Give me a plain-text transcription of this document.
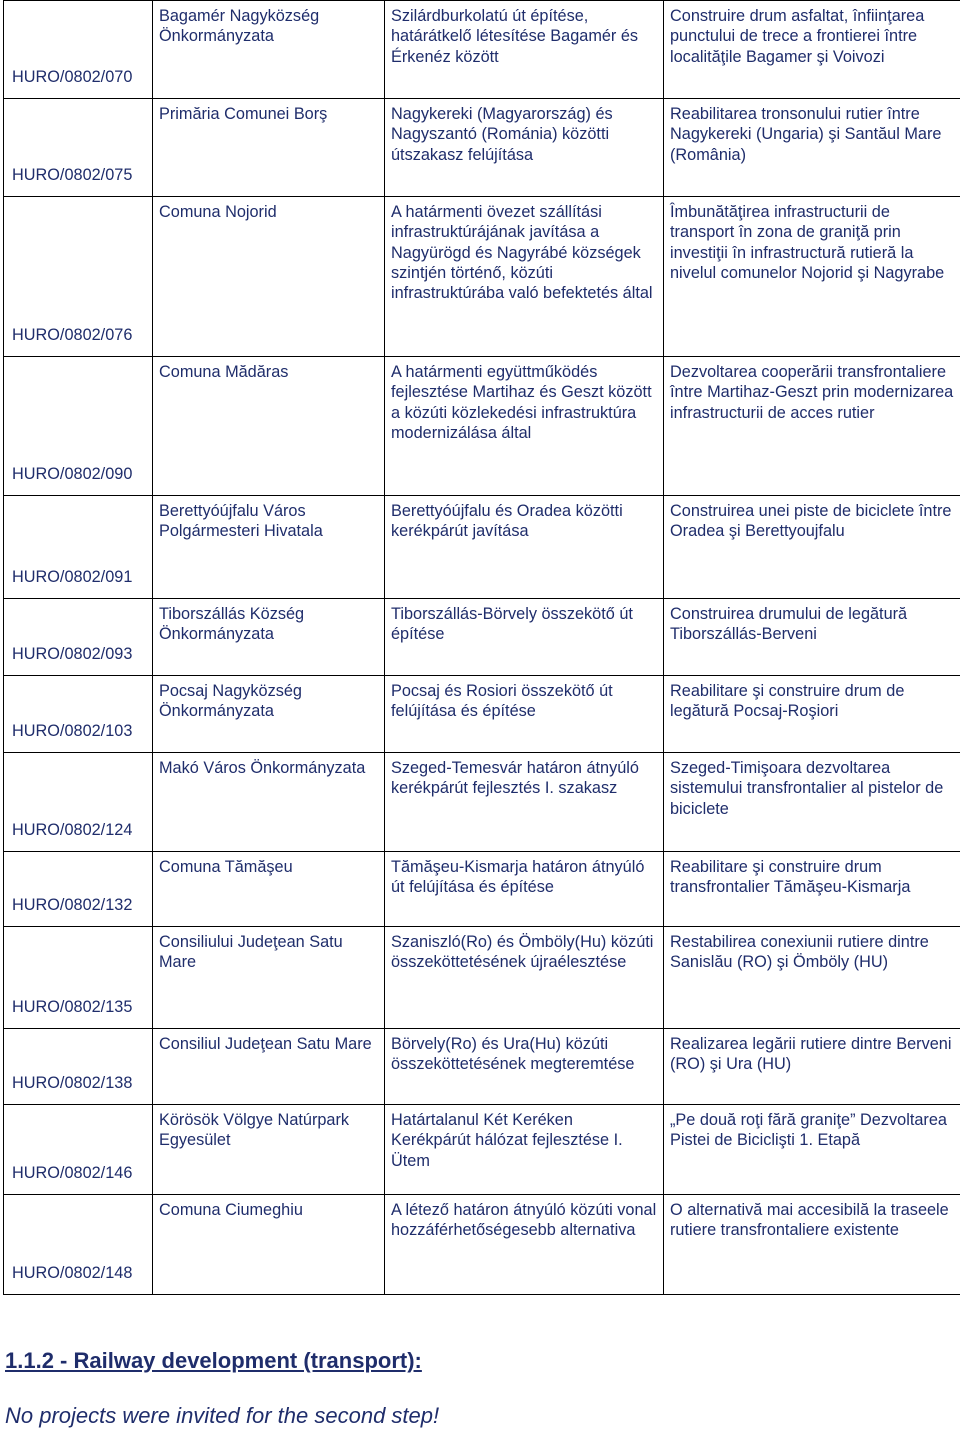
HURO/0802/070	Bagamér Nagyközség Önkormányzata	Szilárdburkolatú út építése, határátkelő létesítése Bagamér és Érkenéz között	Construire drum asfaltat, înfiinţarea punctului de trece a frontierei între localităţile Bagamer şi Voivozi
HURO/0802/075	Primăria Comunei Borş	Nagykereki (Magyarország) és Nagyszantó (Románia) közötti útszakasz felújítása	Reabilitarea tronsonului rutier între Nagykereki (Ungaria) şi Santăul Mare (România)
HURO/0802/076	Comuna Nojorid	A határmenti övezet szállítási infrastruktúrájának javítása a Nagyürögd és Nagyrábé községek szintjén történő, közúti infrastruktúrába való befektetés által	Îmbunătăţirea infrastructurii de transport în zona de graniţă prin investiţii în infrastructură rutieră la nivelul comunelor Nojorid şi Nagyrabe
HURO/0802/090	Comuna Mădăras	A határmenti együttműködés fejlesztése Martihaz és Geszt között a közúti közlekedési infrastruktúra modernizálása által	Dezvoltarea cooperării transfrontaliere între Martihaz-Geszt prin modernizarea infrastructurii de acces rutier
HURO/0802/091	Berettyóújfalu Város Polgármesteri Hivatala	Berettyóújfalu és Oradea közötti kerékpárút javítása	Construirea unei piste de biciclete între Oradea şi Berettyoujfalu
HURO/0802/093	Tiborszállás Község Önkormányzata	Tiborszállás-Börvely összekötő út építése	Construirea drumului de legătură Tiborszállás-Berveni
HURO/0802/103	Pocsaj Nagyközség Önkormányzata	Pocsaj és Rosiori összekötő út felújítása és építése	Reabilitare şi construire drum de legătură Pocsaj-Roşiori
HURO/0802/124	Makó Város Önkormányzata	Szeged-Temesvár határon átnyúló kerékpárút fejlesztés I. szakasz	Szeged-Timişoara dezvoltarea sistemului transfrontalier al pistelor de biciclete
HURO/0802/132	Comuna Tămăşeu	Tămăşeu-Kismarja határon átnyúló út felújítása és építése	Reabilitare şi construire drum transfrontalier Tămăşeu-Kismarja
HURO/0802/135	Consiliului Judeţean Satu Mare	Szaniszló(Ro) és Ömböly(Hu) közúti összeköttetésének újraélesztése	Restabilirea conexiunii rutiere dintre Sanislău (RO) şi Ömböly (HU)
HURO/0802/138	Consiliul Judeţean Satu Mare	Börvely(Ro) és Ura(Hu) közúti összeköttetésének megteremtése	Realizarea legării rutiere dintre Berveni (RO) şi Ura (HU)
HURO/0802/146	Körösök Völgye Natúrpark Egyesület	Határtalanul Két Keréken Kerékpárút hálózat fejlesztése I. Ütem	„Pe două roţi fără graniţe” Dezvoltarea Pistei de Biciclişti 1. Etapă
HURO/0802/148	Comuna Ciumeghiu	A létező határon átnyúló közúti vonal hozzáférhetőségesebb alternativa	O alternativă mai accesibilă la traseele rutiere transfrontaliere existente
1.1.2 - Railway development (transport):

No projects were invited for the second step!
